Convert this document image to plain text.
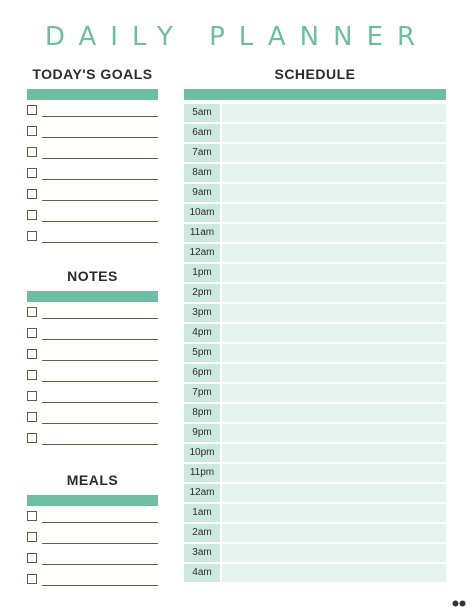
DAILY PLANNER
TODAY'S GOALS
NOTES
MEALS
SCHEDULE
5am
6am
7am
8am
9am
10am
11am
12am
1pm
2pm
3pm
4pm
5pm
6pm
7pm
8pm
9pm
10pm
11pm
12am
1am
2am
3am
4am
